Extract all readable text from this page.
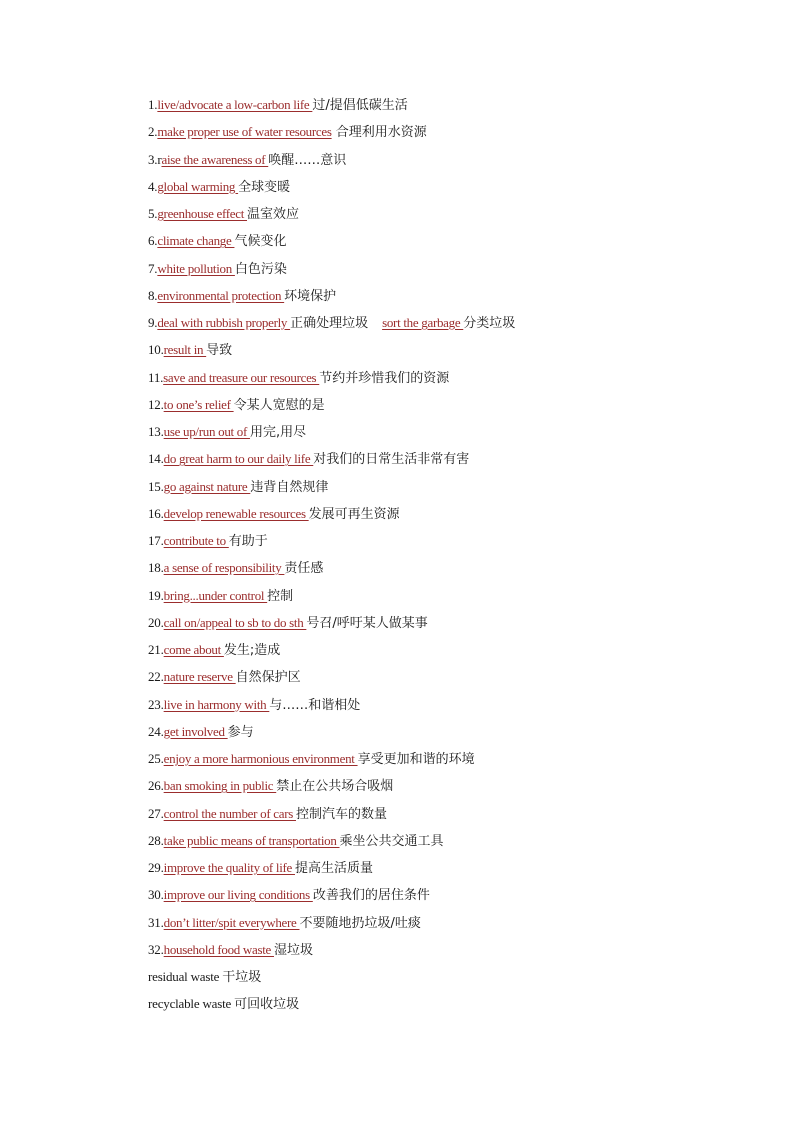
1.live/advocate a low-carbon life 过/提倡低碳生活
2.make proper use of water resources 合理利用水资源
3.raise the awareness of 唤醒……意识
4.global warming 全球变暖
5.greenhouse effect 温室效应
6.climate change 气候变化
7.white pollution 白色污染
8.environmental protection 环境保护
9.deal with rubbish properly 正确处理垃圾 sort the garbage 分类垃圾
10.result in 导致
11.save and treasure our resources 节约并珍惜我们的资源
12.to one’s relief 令某人宽慰的是
13.use up/run out of 用完,用尽
14.do great harm to our daily life 对我们的日常生活非常有害
15.go against nature 违背自然规律
16.develop renewable resources 发展可再生资源
17.contribute to 有助于
18.a sense of responsibility 责任感
19.bring...under control 控制
20.call on/appeal to sb to do sth 号召/呼吁某人做某事
21.come about 发生;造成
22.nature reserve 自然保护区
23.live in harmony with 与……和谐相处
24.get involved 参与
25.enjoy a more harmonious environment 享受更加和谐的环境
26.ban smoking in public 禁止在公共场合吸烟
27.control the number of cars 控制汽车的数量
28.take public means of transportation 乘坐公共交通工具
29.improve the quality of life 提高生活质量
30.improve our living conditions 改善我们的居住条件
31.don’t litter/spit everywhere 不要随地扔垃圾/吐痰
32.household food waste 湿垃圾
residual waste 干垃圾
recyclable waste 可回收垃圾
